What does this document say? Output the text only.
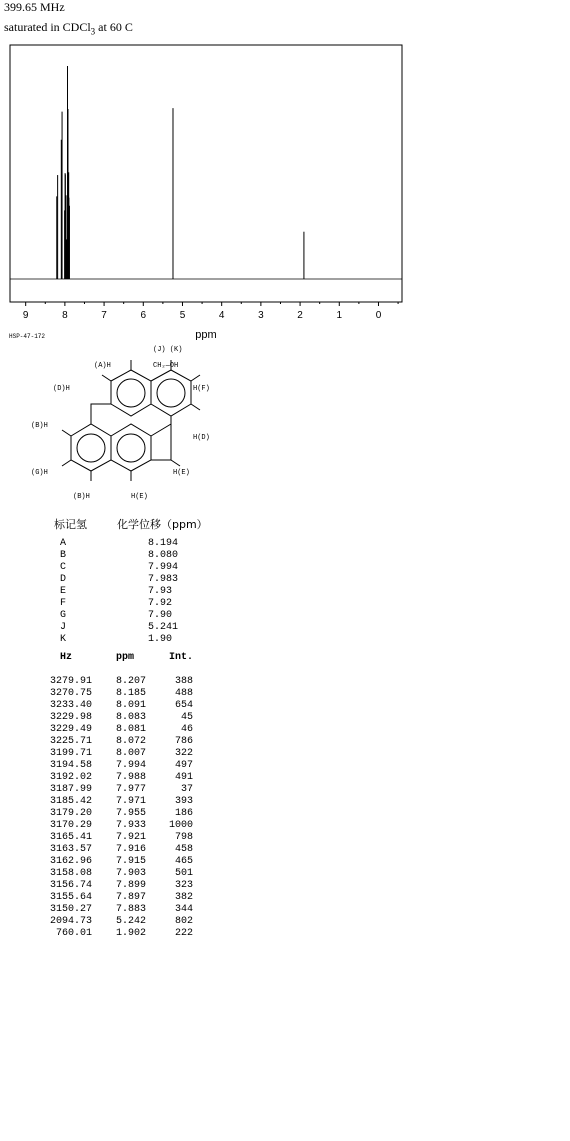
399.65 MHz
saturated in CDCl$_3$ at 60 C
9	8	7	6	5	4	3	2	1	0
ppm
HSP-47-172
(A)H
(J) (K)
CH₂—OH
(D)H	H(F)
(B)H
H(D)
(G)H	H(E)
(B)H	H(E)
标记氢	化学位移（ppm）
A	8.194
B	8.080
C	7.994
D	7.983
E	7.93
F	7.92
G	7.90
J	5.241
K	1.90
Hz	ppm	Int.
3279.91	8.207	388
3270.75	8.185	488
3233.40	8.091	654
3229.98	8.083	45
3229.49	8.081	46
3225.71	8.072	786
3199.71	8.007	322
3194.58	7.994	497
3192.02	7.988	491
3187.99	7.977	37
3185.42	7.971	393
3179.20	7.955	186
3170.29	7.933	1000
3165.41	7.921	798
3163.57	7.916	458
3162.96	7.915	465
3158.08	7.903	501
3156.74	7.899	323
3155.64	7.897	382
3150.27	7.883	344
2094.73	5.242	802
760.01	1.902	222
